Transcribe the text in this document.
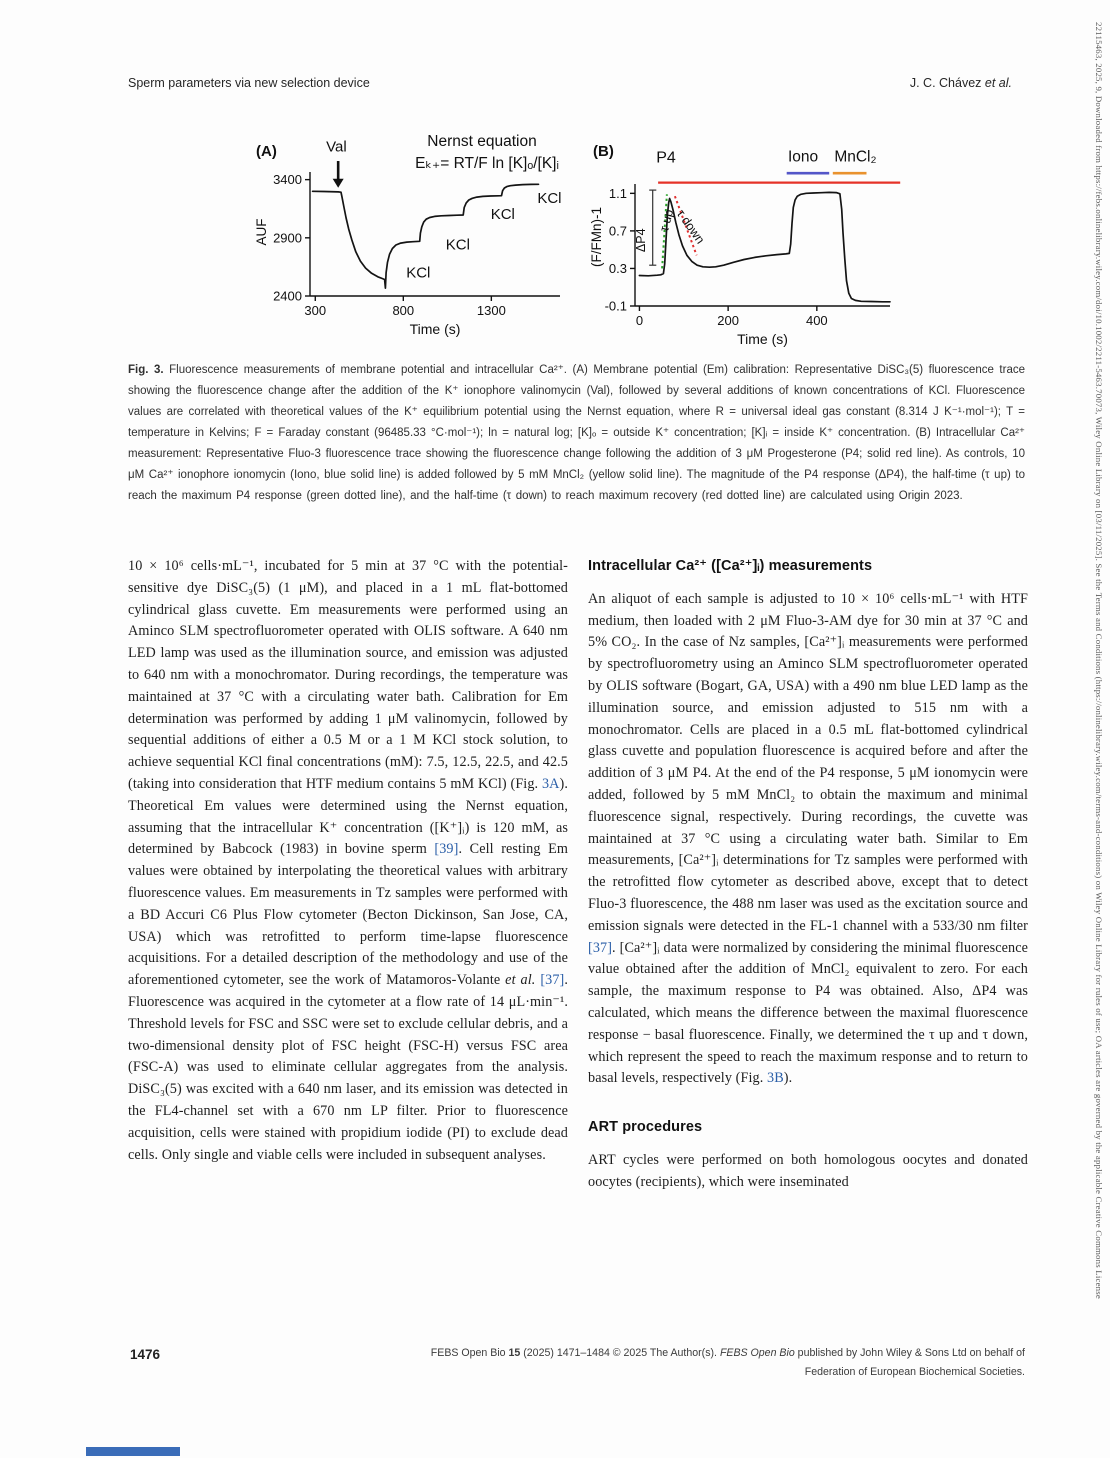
Sperm parameters via new selection device	J. C. Chávez et al.
300	800	1300
2400
2900
3400
Time (s)
AUF
Val
KCl
KCl
KCl
KCl
(A)
Nernst equation
Eₖ₊= RT/F ln [K]ₒ/[K]ᵢ
0	200	400
-0.1
0.3
0.7
1.1
Time (s)
(F/FMn)-1
P4	Iono MnCl₂
ΔP4
τ up
τ down
(B)

Fig. 3. Fluorescence measurements of membrane potential and intracellular Ca²⁺. (A) Membrane potential (Em) calibration: Representative DiSC₃(5) fluorescence trace showing the fluorescence change after the addition of the K⁺ ionophore valinomycin (Val), followed by several additions of known concentrations of KCl. Fluorescence values are correlated with theoretical values of the K⁺ equilibrium potential using the Nernst equation, where R = universal ideal gas constant (8.314 J K⁻¹·mol⁻¹); T = temperature in Kelvins; F = Faraday constant (96485.33 °C·mol⁻¹); ln = natural log; [K]ₒ = outside K⁺ concentration; [K]ᵢ = inside K⁺ concentration. (B) Intracellular Ca²⁺ measurement: Representative Fluo-3 fluorescence trace showing the fluorescence change following the addition of 3 μM Progesterone (P4; solid red line). As controls, 10 μM Ca²⁺ ionophore ionomycin (Iono, blue solid line) is added followed by 5 mM MnCl₂ (yellow solid line). The magnitude of the P4 response (ΔP4), the half-time (τ up) to reach the maximum P4 response (green dotted line), and the half-time (τ down) to reach maximum recovery (red dotted line) are calculated using Origin 2023.

10 × 10⁶ cells·mL⁻¹, incubated for 5 min at 37 °C with the potential-sensitive dye DiSC₃(5) (1 μM), and placed in a 1 mL flat-bottomed cylindrical glass cuvette. Em measurements were performed using an Aminco SLM spectrofluorometer operated with OLIS software. A 640 nm LED lamp was used as the illumination source, and emission was adjusted to 640 nm with a monochromator. During recordings, the temperature was maintained at 37 °C with a circulating water bath. Calibration for Em determination was performed by adding 1 μM valinomycin, followed by sequential additions of either a 0.5 M or a 1 M KCl stock solution, to achieve sequential KCl final concentrations (mM): 7.5, 12.5, 22.5, and 42.5 (taking into consideration that HTF medium contains 5 mM KCl) (Fig. 3A). Theoretical Em values were determined using the Nernst equation, assuming that the intracellular K⁺ concentration ([K⁺]ᵢ) is 120 mM, as determined by Babcock (1983) in bovine sperm [39]. Cell resting Em values were obtained by interpolating the theoretical values with arbitrary fluorescence values. Em measurements in Tz samples were performed with a BD Accuri C6 Plus Flow cytometer (Becton Dickinson, San Jose, CA, USA) which was retrofitted to perform time-lapse fluorescence acquisitions. For a detailed description of the methodology and use of the aforementioned cytometer, see the work of Matamoros-Volante et al. [37]. Fluorescence was acquired in the cytometer at a flow rate of 14 μL·min⁻¹. Threshold levels for FSC and SSC were set to exclude cellular debris, and a two-dimensional density plot of FSC height (FSC-H) versus FSC area (FSC-A) was used to eliminate cellular aggregates from the analysis. DiSC₃(5) was excited with a 640 nm laser, and its emission was detected in the FL4-channel set with a 670 nm LP filter. Prior to fluorescence acquisition, cells were stained with propidium iodide (PI) to exclude dead cells. Only single and viable cells were included in subsequent analyses.

Intracellular Ca²⁺ ([Ca²⁺]ᵢ) measurements

An aliquot of each sample is adjusted to 10 × 10⁶ cells·mL⁻¹ with HTF medium, then loaded with 2 μM Fluo-3-AM dye for 30 min at 37 °C and 5% CO₂. In the case of Nz samples, [Ca²⁺]ᵢ measurements were performed by spectrofluorometry using an Aminco SLM spectrofluorometer operated by OLIS software (Bogart, GA, USA) with a 490 nm blue LED lamp as the illumination source, and emission adjusted to 515 nm with a monochromator. Cells are placed in a 0.5 mL flat-bottomed cylindrical glass cuvette and population fluorescence is acquired before and after the addition of 3 μM P4. At the end of the P4 response, 5 μM ionomycin were added, followed by 5 mM MnCl₂ to obtain the maximum and minimal fluorescence signal, respectively. During recordings, the cuvette was maintained at 37 °C using a circulating water bath. Similar to Em measurements, [Ca²⁺]ᵢ determinations for Tz samples were performed with the retrofitted flow cytometer as described above, except that to detect Fluo-3 fluorescence, the 488 nm laser was used as the excitation source and emission signals were detected in the FL-1 channel with a 533/30 nm filter [37]. [Ca²⁺]ᵢ data were normalized by considering the minimal fluorescence value obtained after the addition of MnCl₂ equivalent to zero. For each sample, the maximum response to P4 was obtained. Also, ΔP4 was calculated, which means the difference between the maximal fluorescence response − basal fluorescence. Finally, we determined the τ up and τ down, which represent the speed to reach the maximum response and to return to basal levels, respectively (Fig. 3B).

ART procedures

ART cycles were performed on both homologous oocytes and donated oocytes (recipients), which were inseminated

1476	FEBS Open Bio 15 (2025) 1471–1484 © 2025 The Author(s). FEBS Open Bio published by John Wiley & Sons Ltd on behalf of
Federation of European Biochemical Societies.
22115463, 2025, 9, Downloaded from https://febs.onlinelibrary.wiley.com/doi/10.1002/2211-5463.70073, Wiley Online Library on [03/11/2025]. See the Terms and Conditions (https://onlinelibrary.wiley.com/terms-and-conditions) on Wiley Online Library for rules of use; OA articles are governed by the applicable Creative Commons License
